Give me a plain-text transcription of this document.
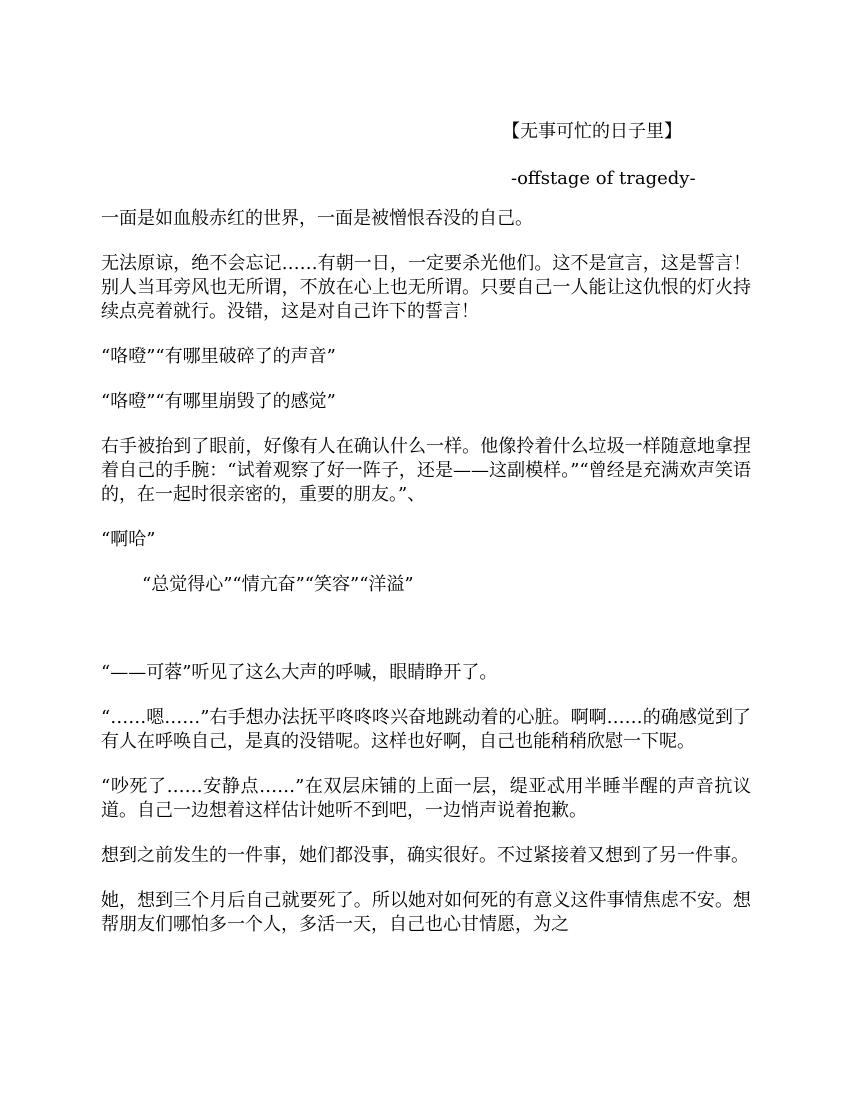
【无事可忙的日子里】
-offstage of tragedy-

一面是如血般赤红的世界，一面是被憎恨吞没的自己。

无法原谅，绝不会忘记……有朝一日，一定要杀光他们。这不是宣言，这是誓言！别人当耳旁风也无所谓，不放在心上也无所谓。只要自己一人能让这仇恨的灯火持续点亮着就行。没错，这是对自己许下的誓言！

“咯噔”“有哪里破碎了的声音”

“咯噔”“有哪里崩毁了的感觉”

右手被抬到了眼前，好像有人在确认什么一样。他像拎着什么垃圾一样随意地拿捏着自己的手腕：“试着观察了好一阵子，还是——这副模样。”“曾经是充满欢声笑语的，在一起时很亲密的，重要的朋友。”、

“啊哈”

“总觉得心”“情亢奋”“笑容”“洋溢”

“——可蓉”听见了这么大声的呼喊，眼睛睁开了。

“……嗯……”右手想办法抚平咚咚咚兴奋地跳动着的心脏。啊啊……的确感觉到了有人在呼唤自己，是真的没错呢。这样也好啊，自己也能稍稍欣慰一下呢。

“吵死了……安静点……”在双层床铺的上面一层，缇亚忒用半睡半醒的声音抗议道。自己一边想着这样估计她听不到吧，一边悄声说着抱歉。

想到之前发生的一件事，她们都没事，确实很好。不过紧接着又想到了另一件事。

她，想到三个月后自己就要死了。所以她对如何死的有意义这件事情焦虑不安。想帮朋友们哪怕多一个人，多活一天，自己也心甘情愿，为之
